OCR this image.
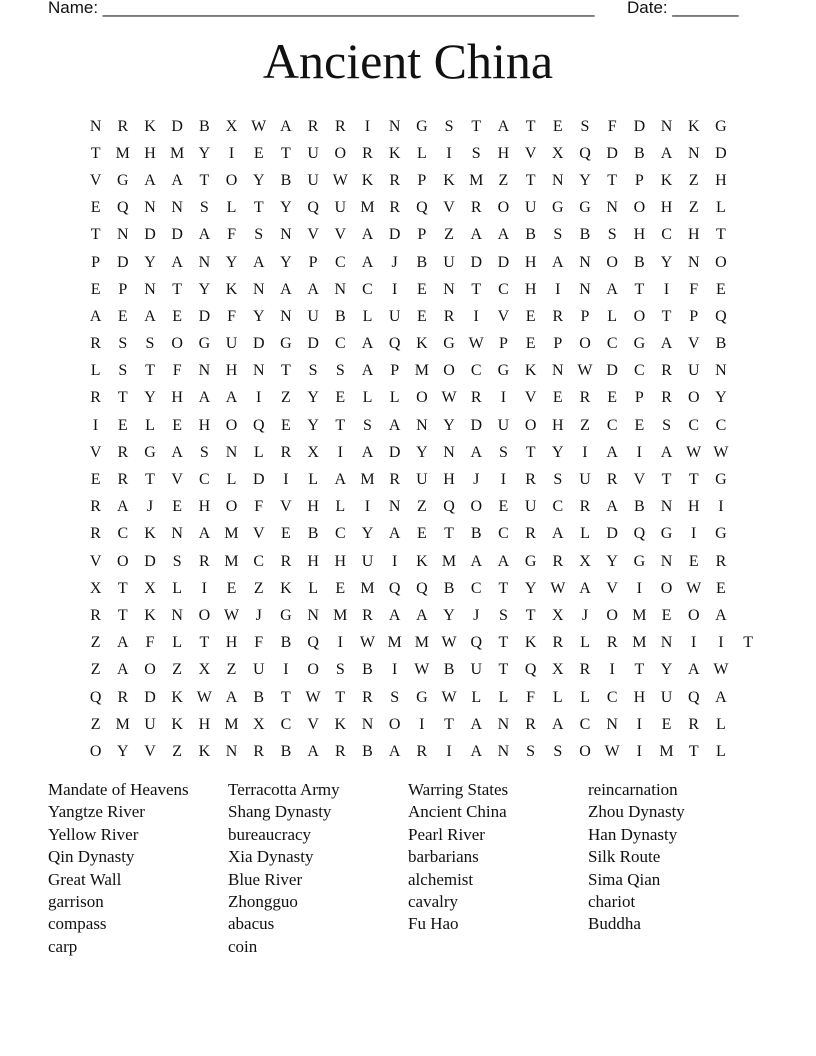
Name: ____________________________________________________ Date: _______
Ancient China
N	R	K	D	B	X	W	A	R	R	I	N	G	S	T	A	T	E	S	F	D	N	K	G	
T	M	H	M	Y	I	E	T	U	O	R	K	L	I	S	H	V	X	Q	D	B	A	N	D	
V	G	A	A	T	O	Y	B	U	W	K	R	P	K	M	Z	T	N	Y	T	P	K	Z	H	
E	Q	N	N	S	L	T	Y	Q	U	M	R	Q	V	R	O	U	G	G	N	O	H	Z	L	
T	N	D	D	A	F	S	N	V	V	A	D	P	Z	A	A	B	S	B	S	H	C	H	T	
P	D	Y	A	N	Y	A	Y	P	C	A	J	B	U	D	D	H	A	N	O	B	Y	N	O	
E	P	N	T	Y	K	N	A	A	N	C	I	E	N	T	C	H	I	N	A	T	I	F	E	
A	E	A	E	D	F	Y	N	U	B	L	U	E	R	I	V	E	R	P	L	O	T	P	Q	
R	S	S	O	G	U	D	G	D	C	A	Q	K	G	W	P	E	P	O	C	G	A	V	B	
L	S	T	F	N	H	N	T	S	S	A	P	M	O	C	G	K	N	W	D	C	R	U	N	
R	T	Y	H	A	A	I	Z	Y	E	L	L	O	W	R	I	V	E	R	E	P	R	O	Y	
I	E	L	E	H	O	Q	E	Y	T	S	A	N	Y	D	U	O	H	Z	C	E	S	C	C	
V	R	G	A	S	N	L	R	X	I	A	D	Y	N	A	S	T	Y	I	A	I	A	W	W	
E	R	T	V	C	L	D	I	L	A	M	R	U	H	J	I	R	S	U	R	V	T	T	G	
R	A	J	E	H	O	F	V	H	L	I	N	Z	Q	O	E	U	C	R	A	B	N	H	I	
R	C	K	N	A	M	V	E	B	C	Y	A	E	T	B	C	R	A	L	D	Q	G	I	G	
V	O	D	S	R	M	C	R	H	H	U	I	K	M	A	A	G	R	X	Y	G	N	E	R	
X	T	X	L	I	E	Z	K	L	E	M	Q	Q	B	C	T	Y	W	A	V	I	O	W	E	
R	T	K	N	O	W	J	G	N	M	R	A	A	Y	J	S	T	X	J	O	M	E	O	A	
Z	A	F	L	T	H	F	B	Q	I	W	M	M	W	Q	T	K	R	L	R	M	N	I	I	T
Z	A	O	Z	X	Z	U	I	O	S	B	I	W	B	U	T	Q	X	R	I	T	Y	A	W	
Q	R	D	K	W	A	B	T	W	T	R	S	G	W	L	L	F	L	L	C	H	U	Q	A	
Z	M	U	K	H	M	X	C	V	K	N	O	I	T	A	N	R	A	C	N	I	E	R	L	
O	Y	V	Z	K	N	R	B	A	R	B	A	R	I	A	N	S	S	O	W	I	M	T	L	
Mandate of Heavens
Yangtze River
Yellow River
Qin Dynasty
Great Wall
garrison
compass
carp
Terracotta Army
Shang Dynasty
bureaucracy
Xia Dynasty
Blue River
Zhongguo
abacus
coin
Warring States
Ancient China
Pearl River
barbarians
alchemist
cavalry
Fu Hao
reincarnation
Zhou Dynasty
Han Dynasty
Silk Route
Sima Qian
chariot
Buddha
